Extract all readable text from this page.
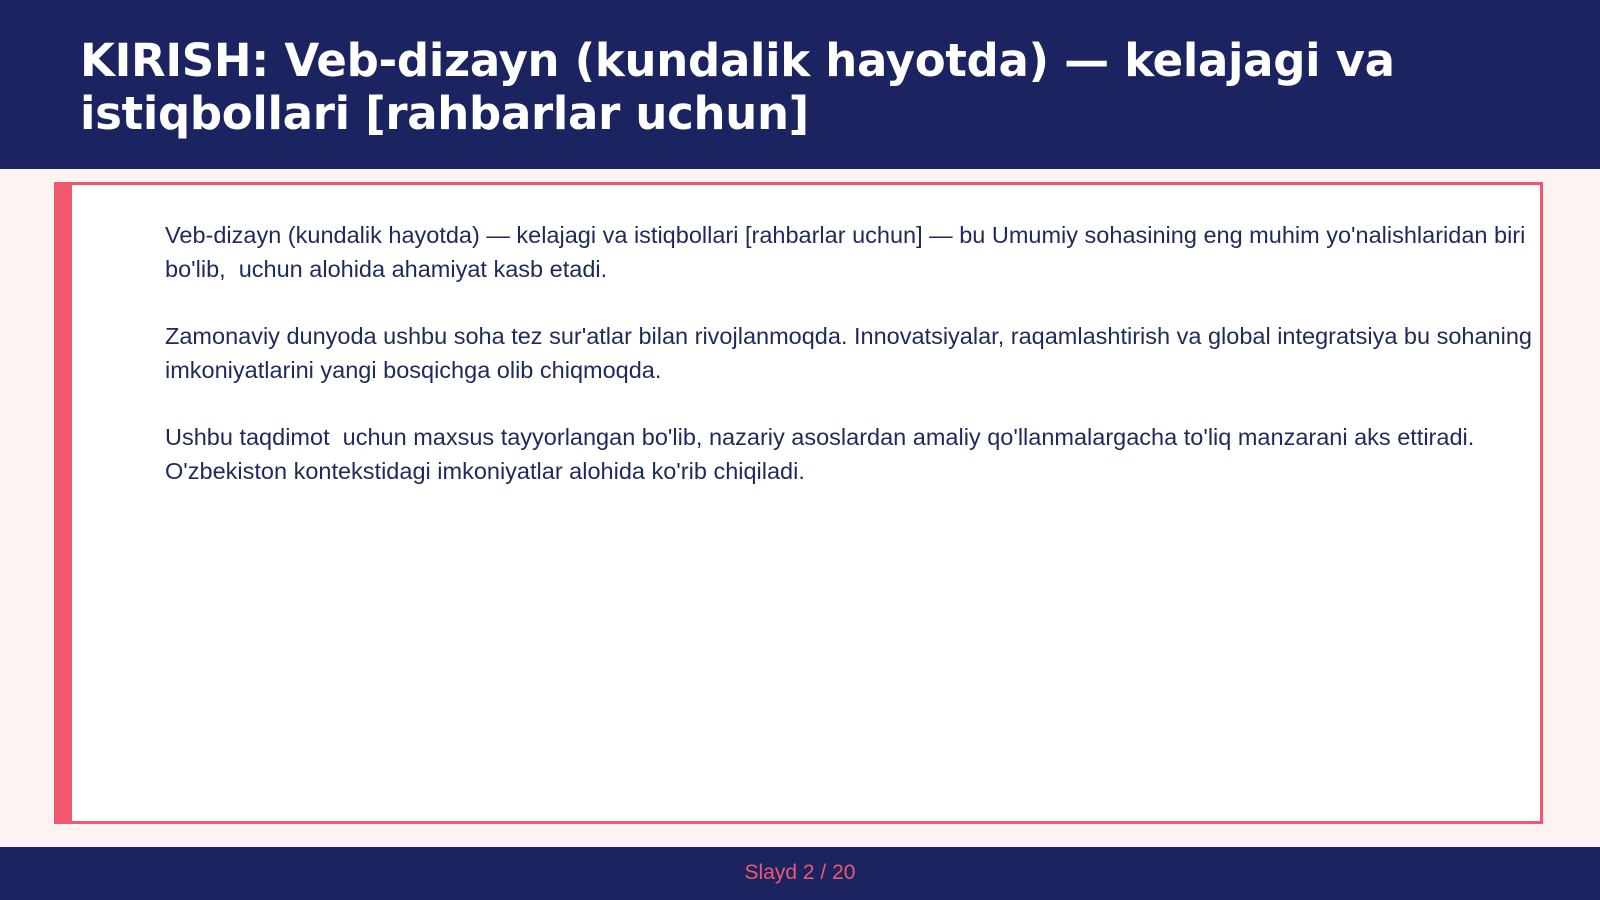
KIRISH: Veb-dizayn (kundalik hayotda) — kelajagi va istiqbollari [rahbarlar uchun]

Veb-dizayn (kundalik hayotda) — kelajagi va istiqbollari [rahbarlar uchun] — bu Umumiy sohasining eng muhim yo'nalishlaridan biri bo'lib,  uchun alohida ahamiyat kasb etadi.

Zamonaviy dunyoda ushbu soha tez sur'atlar bilan rivojlanmoqda. Innovatsiyalar, raqamlashtirish va global integratsiya bu sohaning imkoniyatlarini yangi bosqichga olib chiqmoqda.

Ushbu taqdimot  uchun maxsus tayyorlangan bo'lib, nazariy asoslardan amaliy qo'llanmalargacha to'liq manzarani aks ettiradi. O'zbekiston kontekstidagi imkoniyatlar alohida ko'rib chiqiladi.

Slayd 2 / 20
